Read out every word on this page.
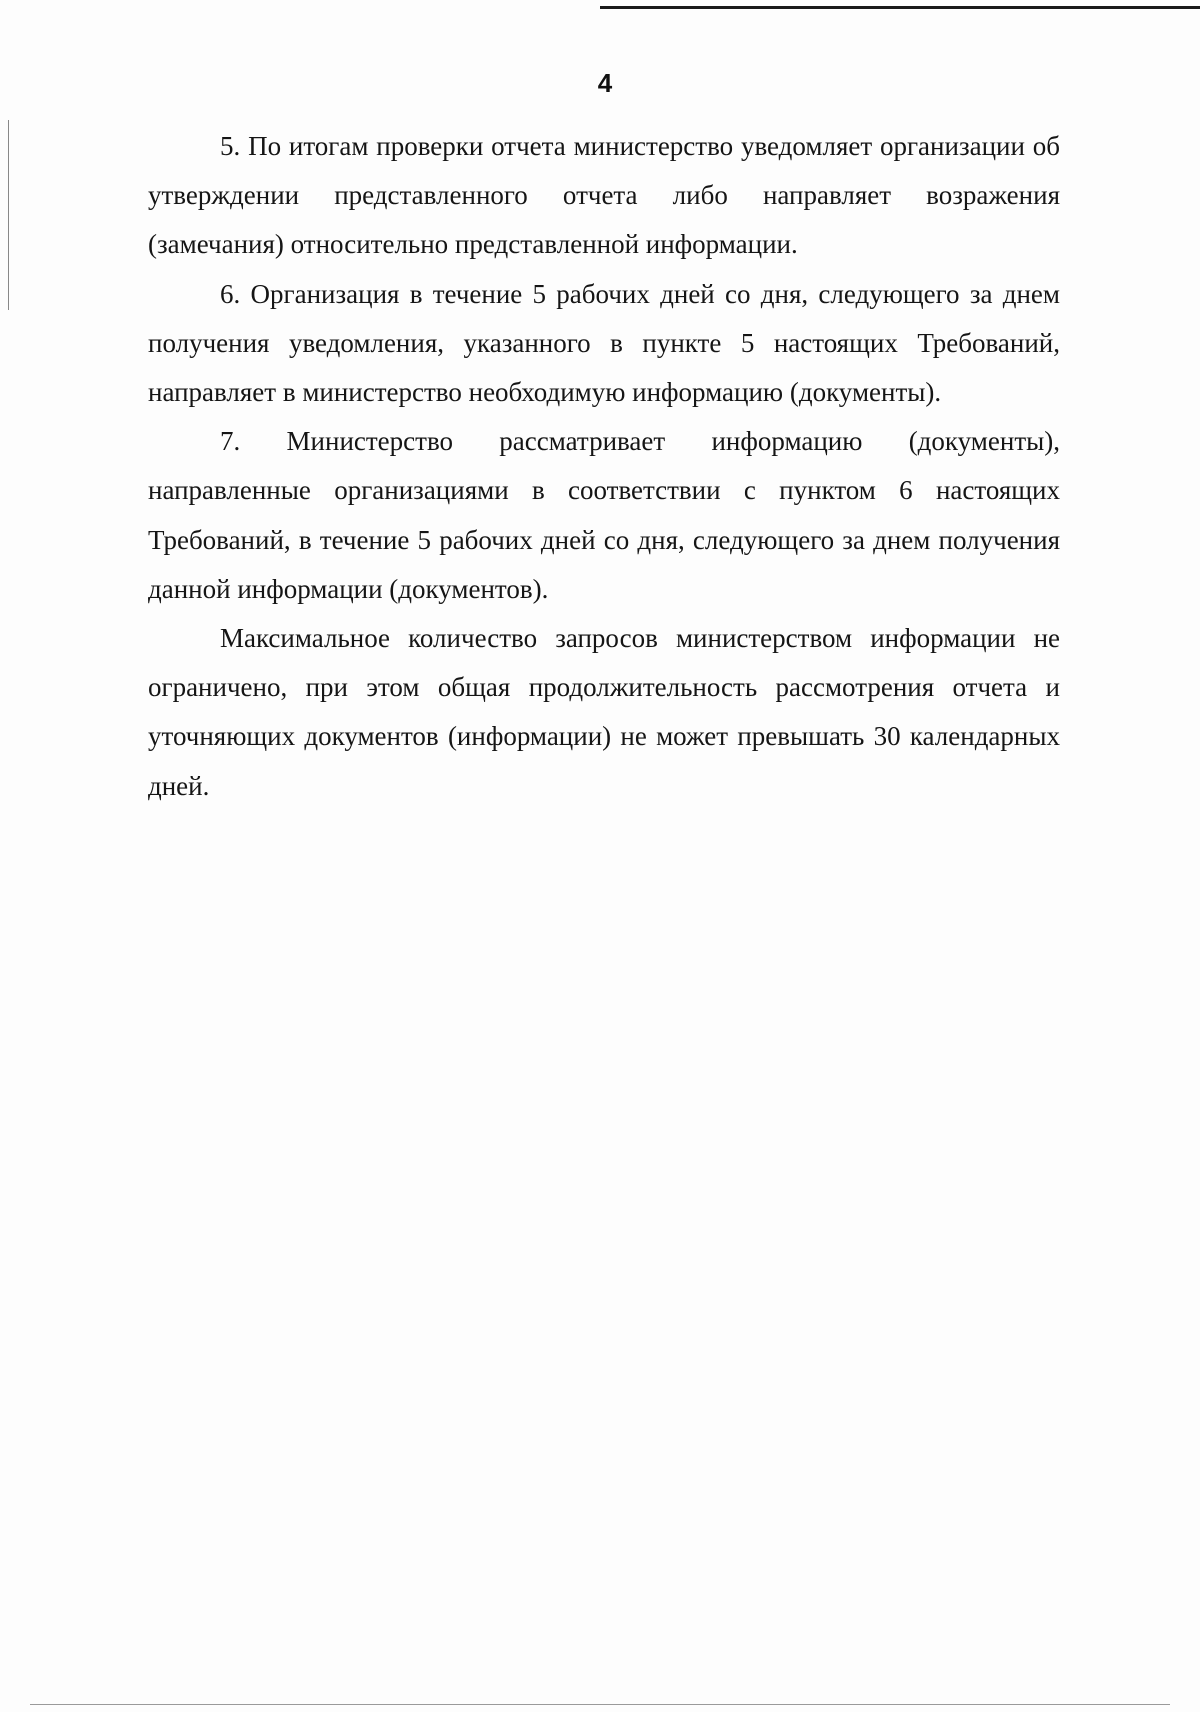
4

5. По итогам проверки отчета министерство уведомляет организации об утверждении представленного отчета либо направляет возражения (замечания) относительно представленной информации.

6. Организация в течение 5 рабочих дней со дня, следующего за днем получения уведомления, указанного в пункте 5 настоящих Требований, направляет в министерство необходимую информацию (документы).

7. Министерство рассматривает информацию (документы), направленные организациями в соответствии с пунктом 6 настоящих Требований, в течение 5 рабочих дней со дня, следующего за днем получения данной информации (документов).

Максимальное количество запросов министерством информации не ограничено, при этом общая продолжительность рассмотрения отчета и уточняющих документов (информации) не может превышать 30 календарных дней.
